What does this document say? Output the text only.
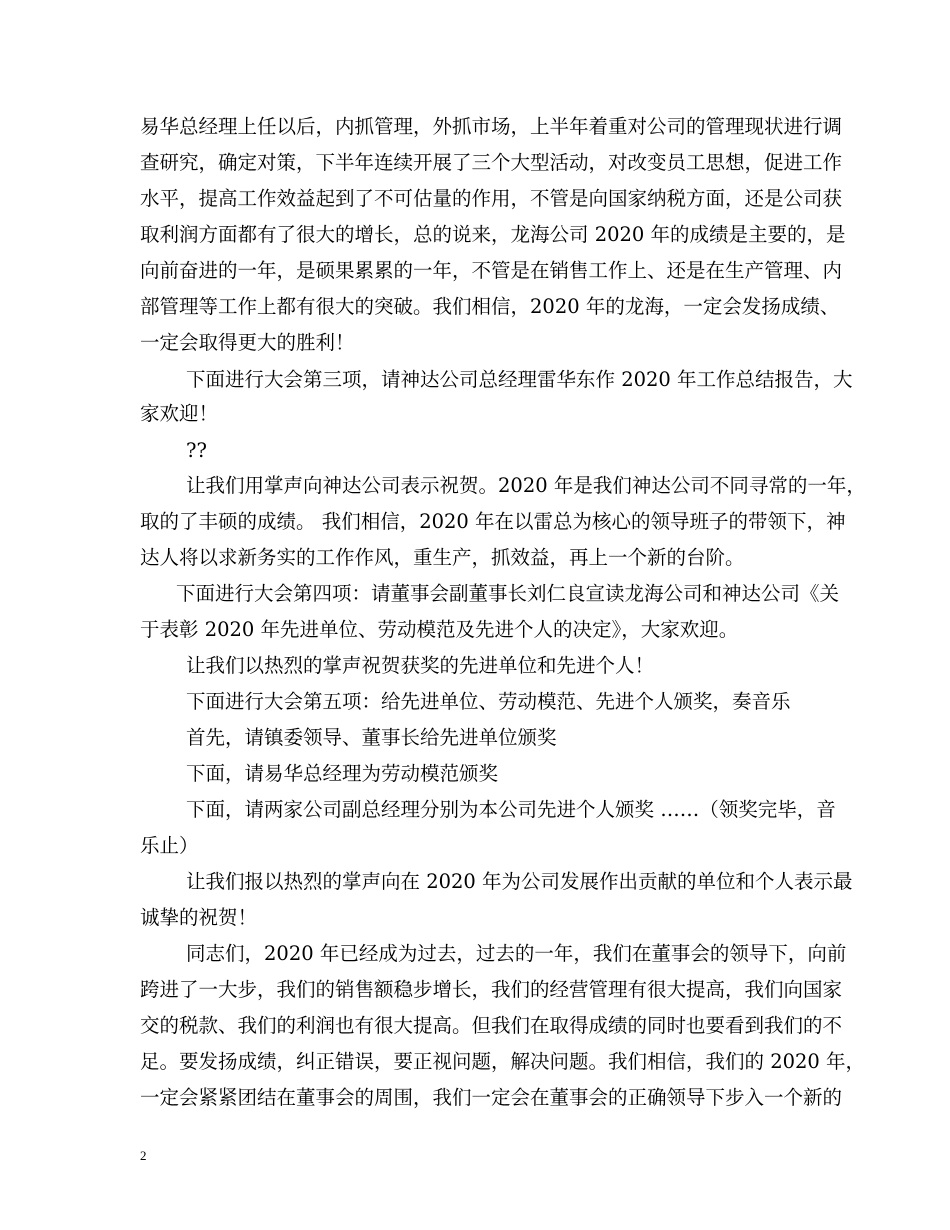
易华总经理上任以后，内抓管理，外抓市场，上半年着重对公司的管理现状进行调
查研究，确定对策，下半年连续开展了三个大型活动，对改变员工思想，促进工作
水平，提高工作效益起到了不可估量的作用，不管是向国家纳税方面，还是公司获
取利润方面都有了很大的增长，总的说来，龙海公司 2020 年的成绩是主要的，是
向前奋进的一年，是硕果累累的一年，不管是在销售工作上、还是在生产管理、内
部管理等工作上都有很大的突破。我们相信，2020 年的龙海，一定会发扬成绩、
一定会取得更大的胜利！
下面进行大会第三项，请神达公司总经理雷华东作 2020 年工作总结报告，大
家欢迎！
??
让我们用掌声向神达公司表示祝贺。2020 年是我们神达公司不同寻常的一年，
取的了丰硕的成绩。 我们相信，2020 年在以雷总为核心的领导班子的带领下，神
达人将以求新务实的工作作风，重生产，抓效益，再上一个新的台阶。
下面进行大会第四项：请董事会副董事长刘仁良宣读龙海公司和神达公司《关
于表彰 2020 年先进单位、劳动模范及先进个人的决定》，大家欢迎。
让我们以热烈的掌声祝贺获奖的先进单位和先进个人！
下面进行大会第五项：给先进单位、劳动模范、先进个人颁奖，奏音乐
首先，请镇委领导、董事长给先进单位颁奖
下面，请易华总经理为劳动模范颁奖
下面，请两家公司副总经理分别为本公司先进个人颁奖 ……（领奖完毕，音
乐止）
让我们报以热烈的掌声向在 2020 年为公司发展作出贡献的单位和个人表示最
诚挚的祝贺！
同志们，2020 年已经成为过去，过去的一年，我们在董事会的领导下，向前
跨进了一大步，我们的销售额稳步增长，我们的经营管理有很大提高，我们向国家
交的税款、我们的利润也有很大提高。但我们在取得成绩的同时也要看到我们的不
足。要发扬成绩，纠正错误，要正视问题，解决问题。我们相信，我们的 2020 年，
一定会紧紧团结在董事会的周围，我们一定会在董事会的正确领导下步入一个新的
2
